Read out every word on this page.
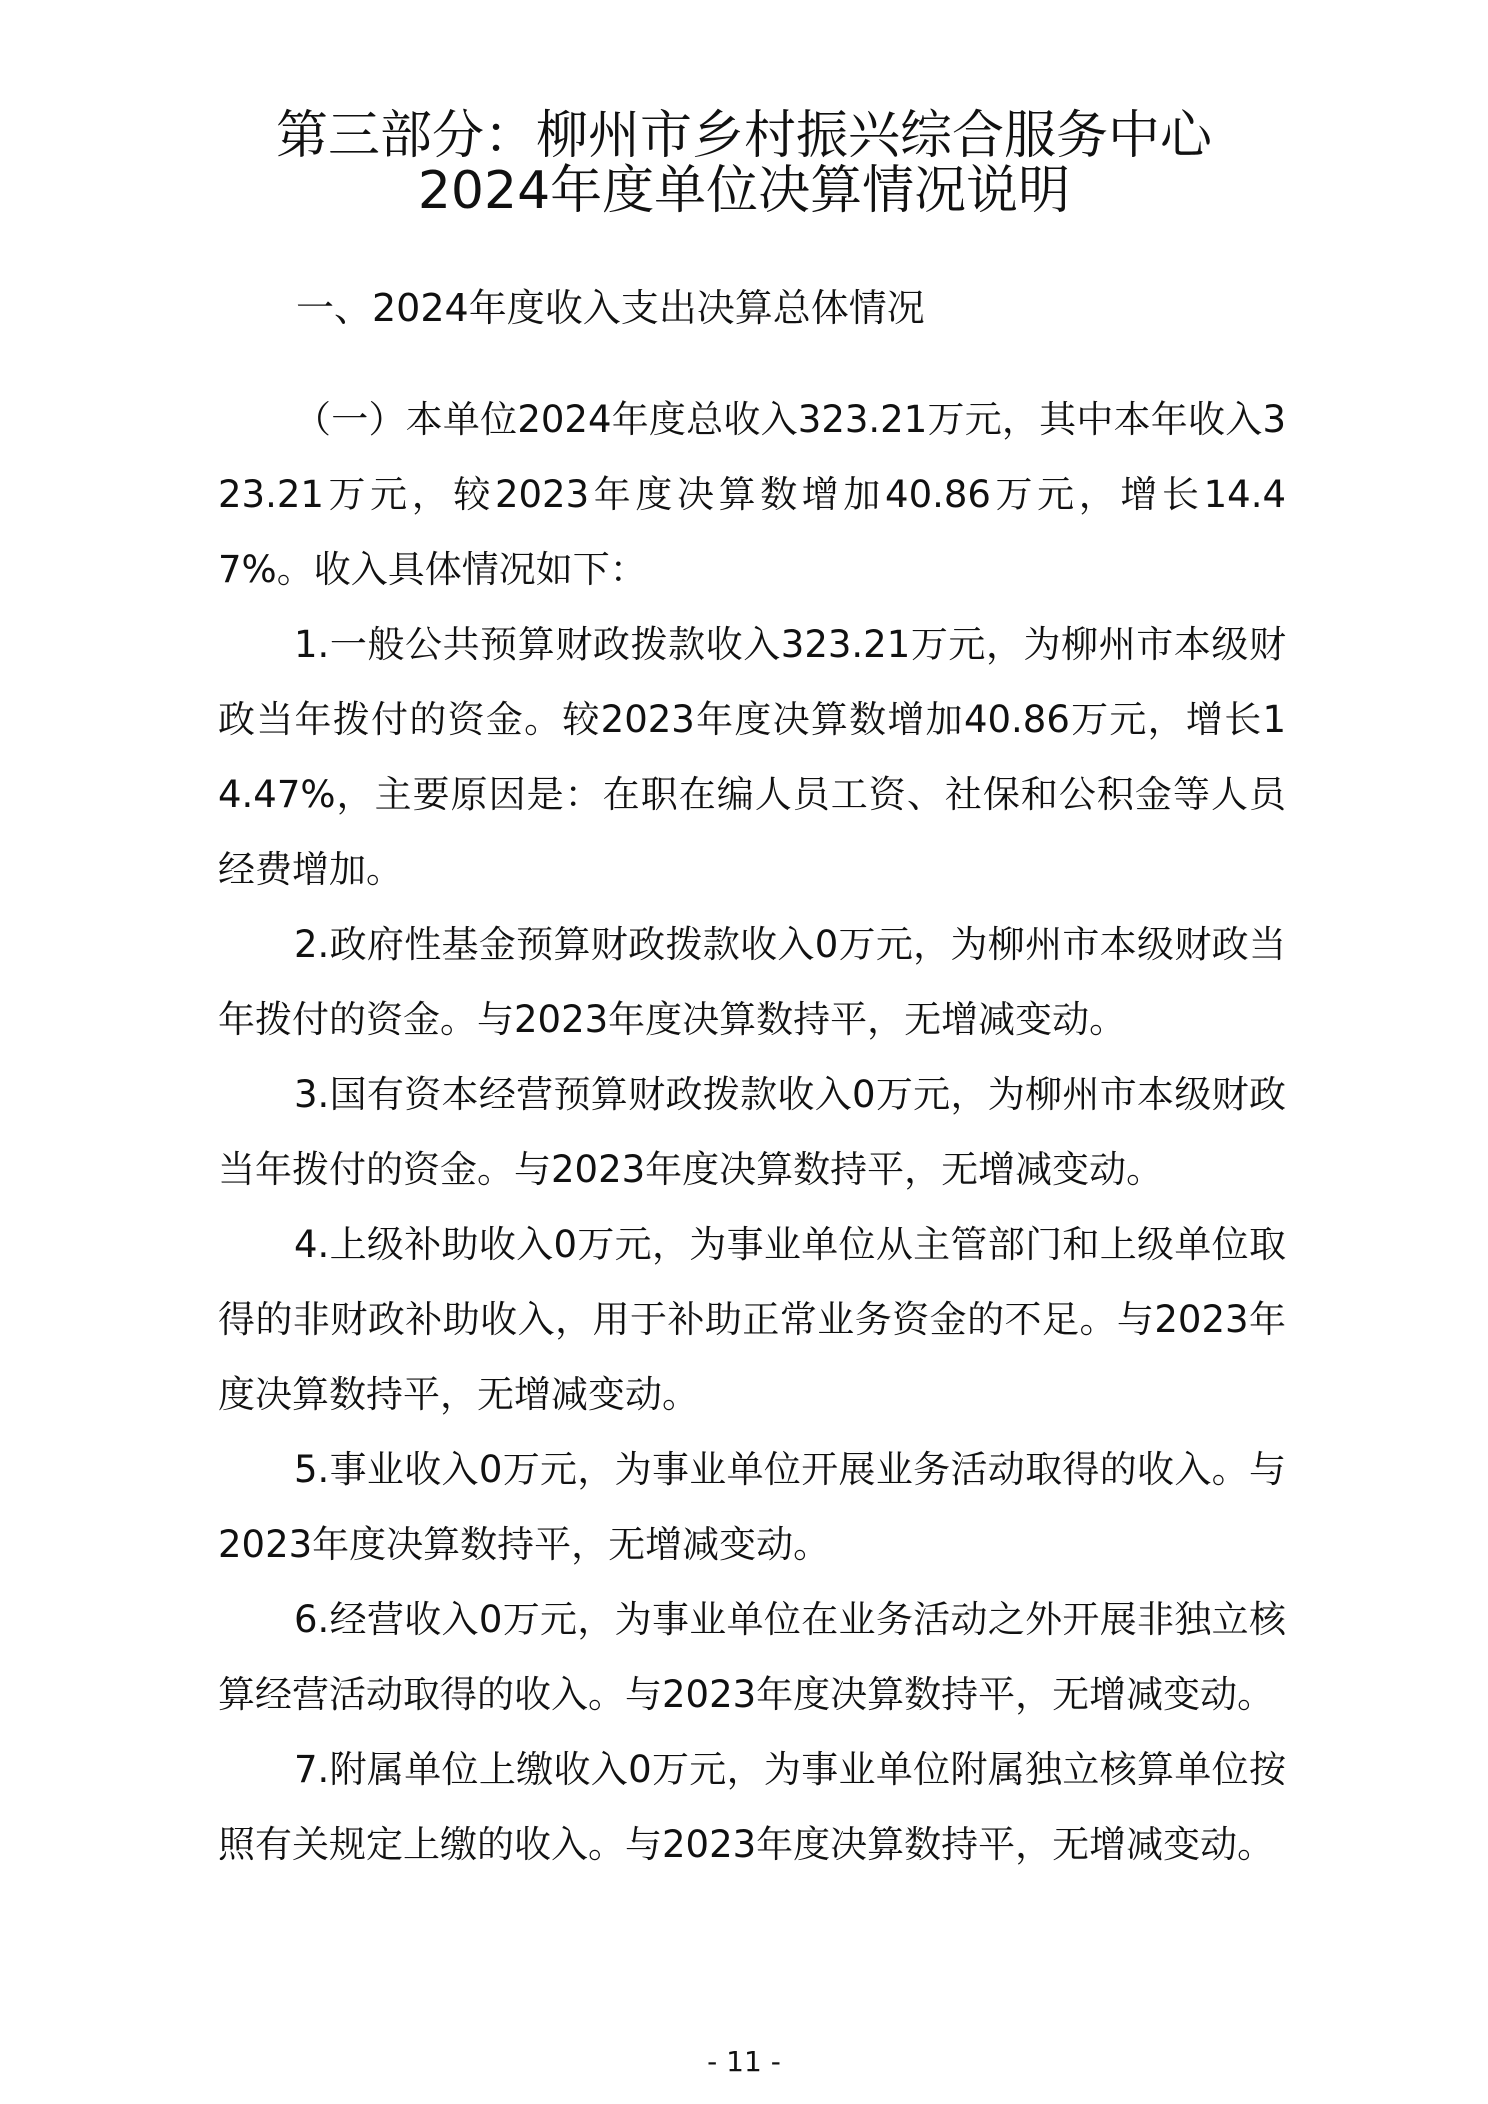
第三部分：柳州市乡村振兴综合服务中心
2024年度单位决算情况说明
一、2024年度收入支出决算总体情况

（一）本单位2024年度总收入323.21万元，其中本年收入323.21万元，较2023年度决算数增加40.86万元，增长14.47%。收入具体情况如下：

1.一般公共预算财政拨款收入323.21万元，为柳州市本级财政当年拨付的资金。较2023年度决算数增加40.86万元，增长14.47%，主要原因是：在职在编人员工资、社保和公积金等人员经费增加。

2.政府性基金预算财政拨款收入0万元，为柳州市本级财政当年拨付的资金。与2023年度决算数持平，无增减变动。

3.国有资本经营预算财政拨款收入0万元，为柳州市本级财政当年拨付的资金。与2023年度决算数持平，无增减变动。

4.上级补助收入0万元，为事业单位从主管部门和上级单位取得的非财政补助收入，用于补助正常业务资金的不足。与2023年度决算数持平，无增减变动。

5.事业收入0万元，为事业单位开展业务活动取得的收入。与2023年度决算数持平，无增减变动。

6.经营收入0万元，为事业单位在业务活动之外开展非独立核算经营活动取得的收入。与2023年度决算数持平，无增减变动。

7.附属单位上缴收入0万元，为事业单位附属独立核算单位按照有关规定上缴的收入。与2023年度决算数持平，无增减变动。

- 11 -
